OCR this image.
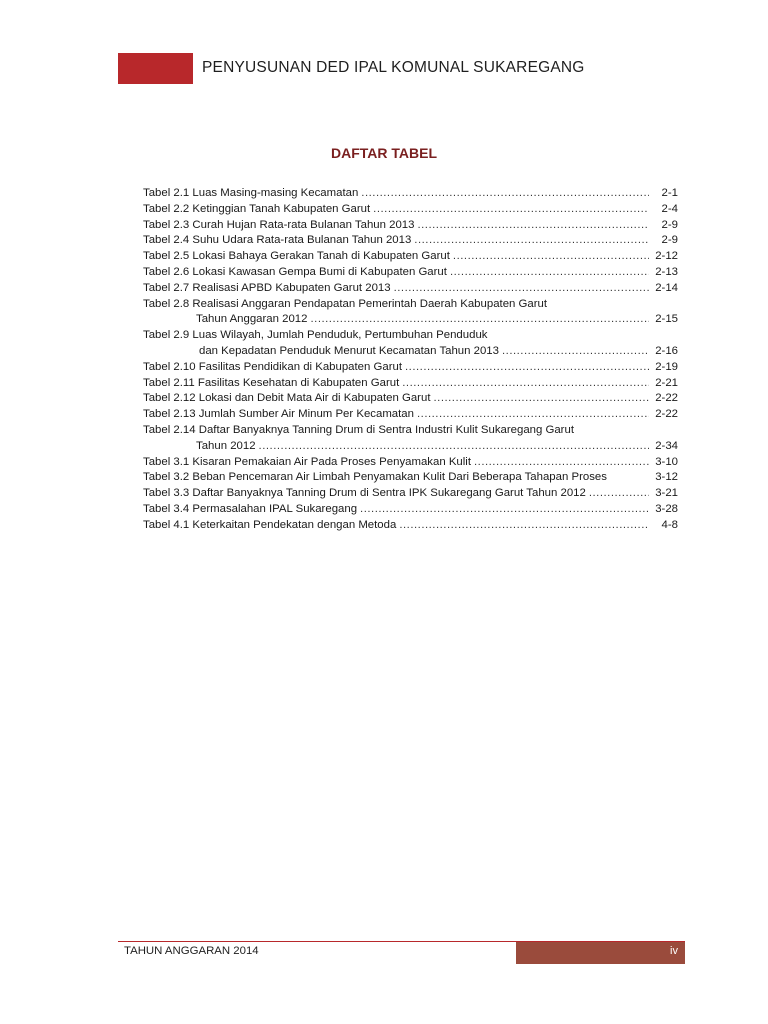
PENYUSUNAN DED IPAL KOMUNAL SUKAREGANG
DAFTAR TABEL
Tabel 2.1 Luas Masing-masing Kecamatan .....	2-1
Tabel 2.2 Ketinggian Tanah Kabupaten Garut .....	2-4
Tabel 2.3 Curah Hujan Rata-rata Bulanan Tahun 2013 .....	2-9
Tabel 2.4 Suhu Udara Rata-rata Bulanan Tahun 2013 .....	2-9
Tabel 2.5 Lokasi Bahaya Gerakan Tanah di Kabupaten Garut .....	2-12
Tabel 2.6 Lokasi Kawasan Gempa Bumi di Kabupaten Garut .....	2-13
Tabel 2.7 Realisasi APBD Kabupaten Garut 2013 .....	2-14
Tabel 2.8 Realisasi Anggaran Pendapatan Pemerintah Daerah Kabupaten Garut
Tahun Anggaran 2012 .....	2-15
Tabel 2.9 Luas Wilayah, Jumlah Penduduk, Pertumbuhan Penduduk
dan Kepadatan Penduduk Menurut Kecamatan Tahun 2013 .....	2-16
Tabel 2.10 Fasilitas Pendidikan di Kabupaten Garut .....	2-19
Tabel 2.11 Fasilitas Kesehatan di Kabupaten Garut .....	2-21
Tabel 2.12 Lokasi dan Debit Mata Air di Kabupaten Garut .....	2-22
Tabel 2.13 Jumlah Sumber Air Minum Per Kecamatan .....	2-22
Tabel 2.14 Daftar Banyaknya Tanning Drum di Sentra Industri Kulit Sukaregang Garut
Tahun 2012 .....	2-34
Tabel 3.1 Kisaran Pemakaian Air Pada Proses Penyamakan Kulit .....	3-10
Tabel 3.2 Beban Pencemaran Air Limbah Penyamakan Kulit Dari Beberapa Tahapan Proses	3-12
Tabel 3.3 Daftar Banyaknya Tanning Drum di Sentra IPK Sukaregang Garut Tahun 2012 .....	3-21
Tabel 3.4 Permasalahan IPAL Sukaregang .....	3-28
Tabel 4.1 Keterkaitan Pendekatan dengan Metoda .....	4-8
TAHUN ANGGARAN 2014	iv
